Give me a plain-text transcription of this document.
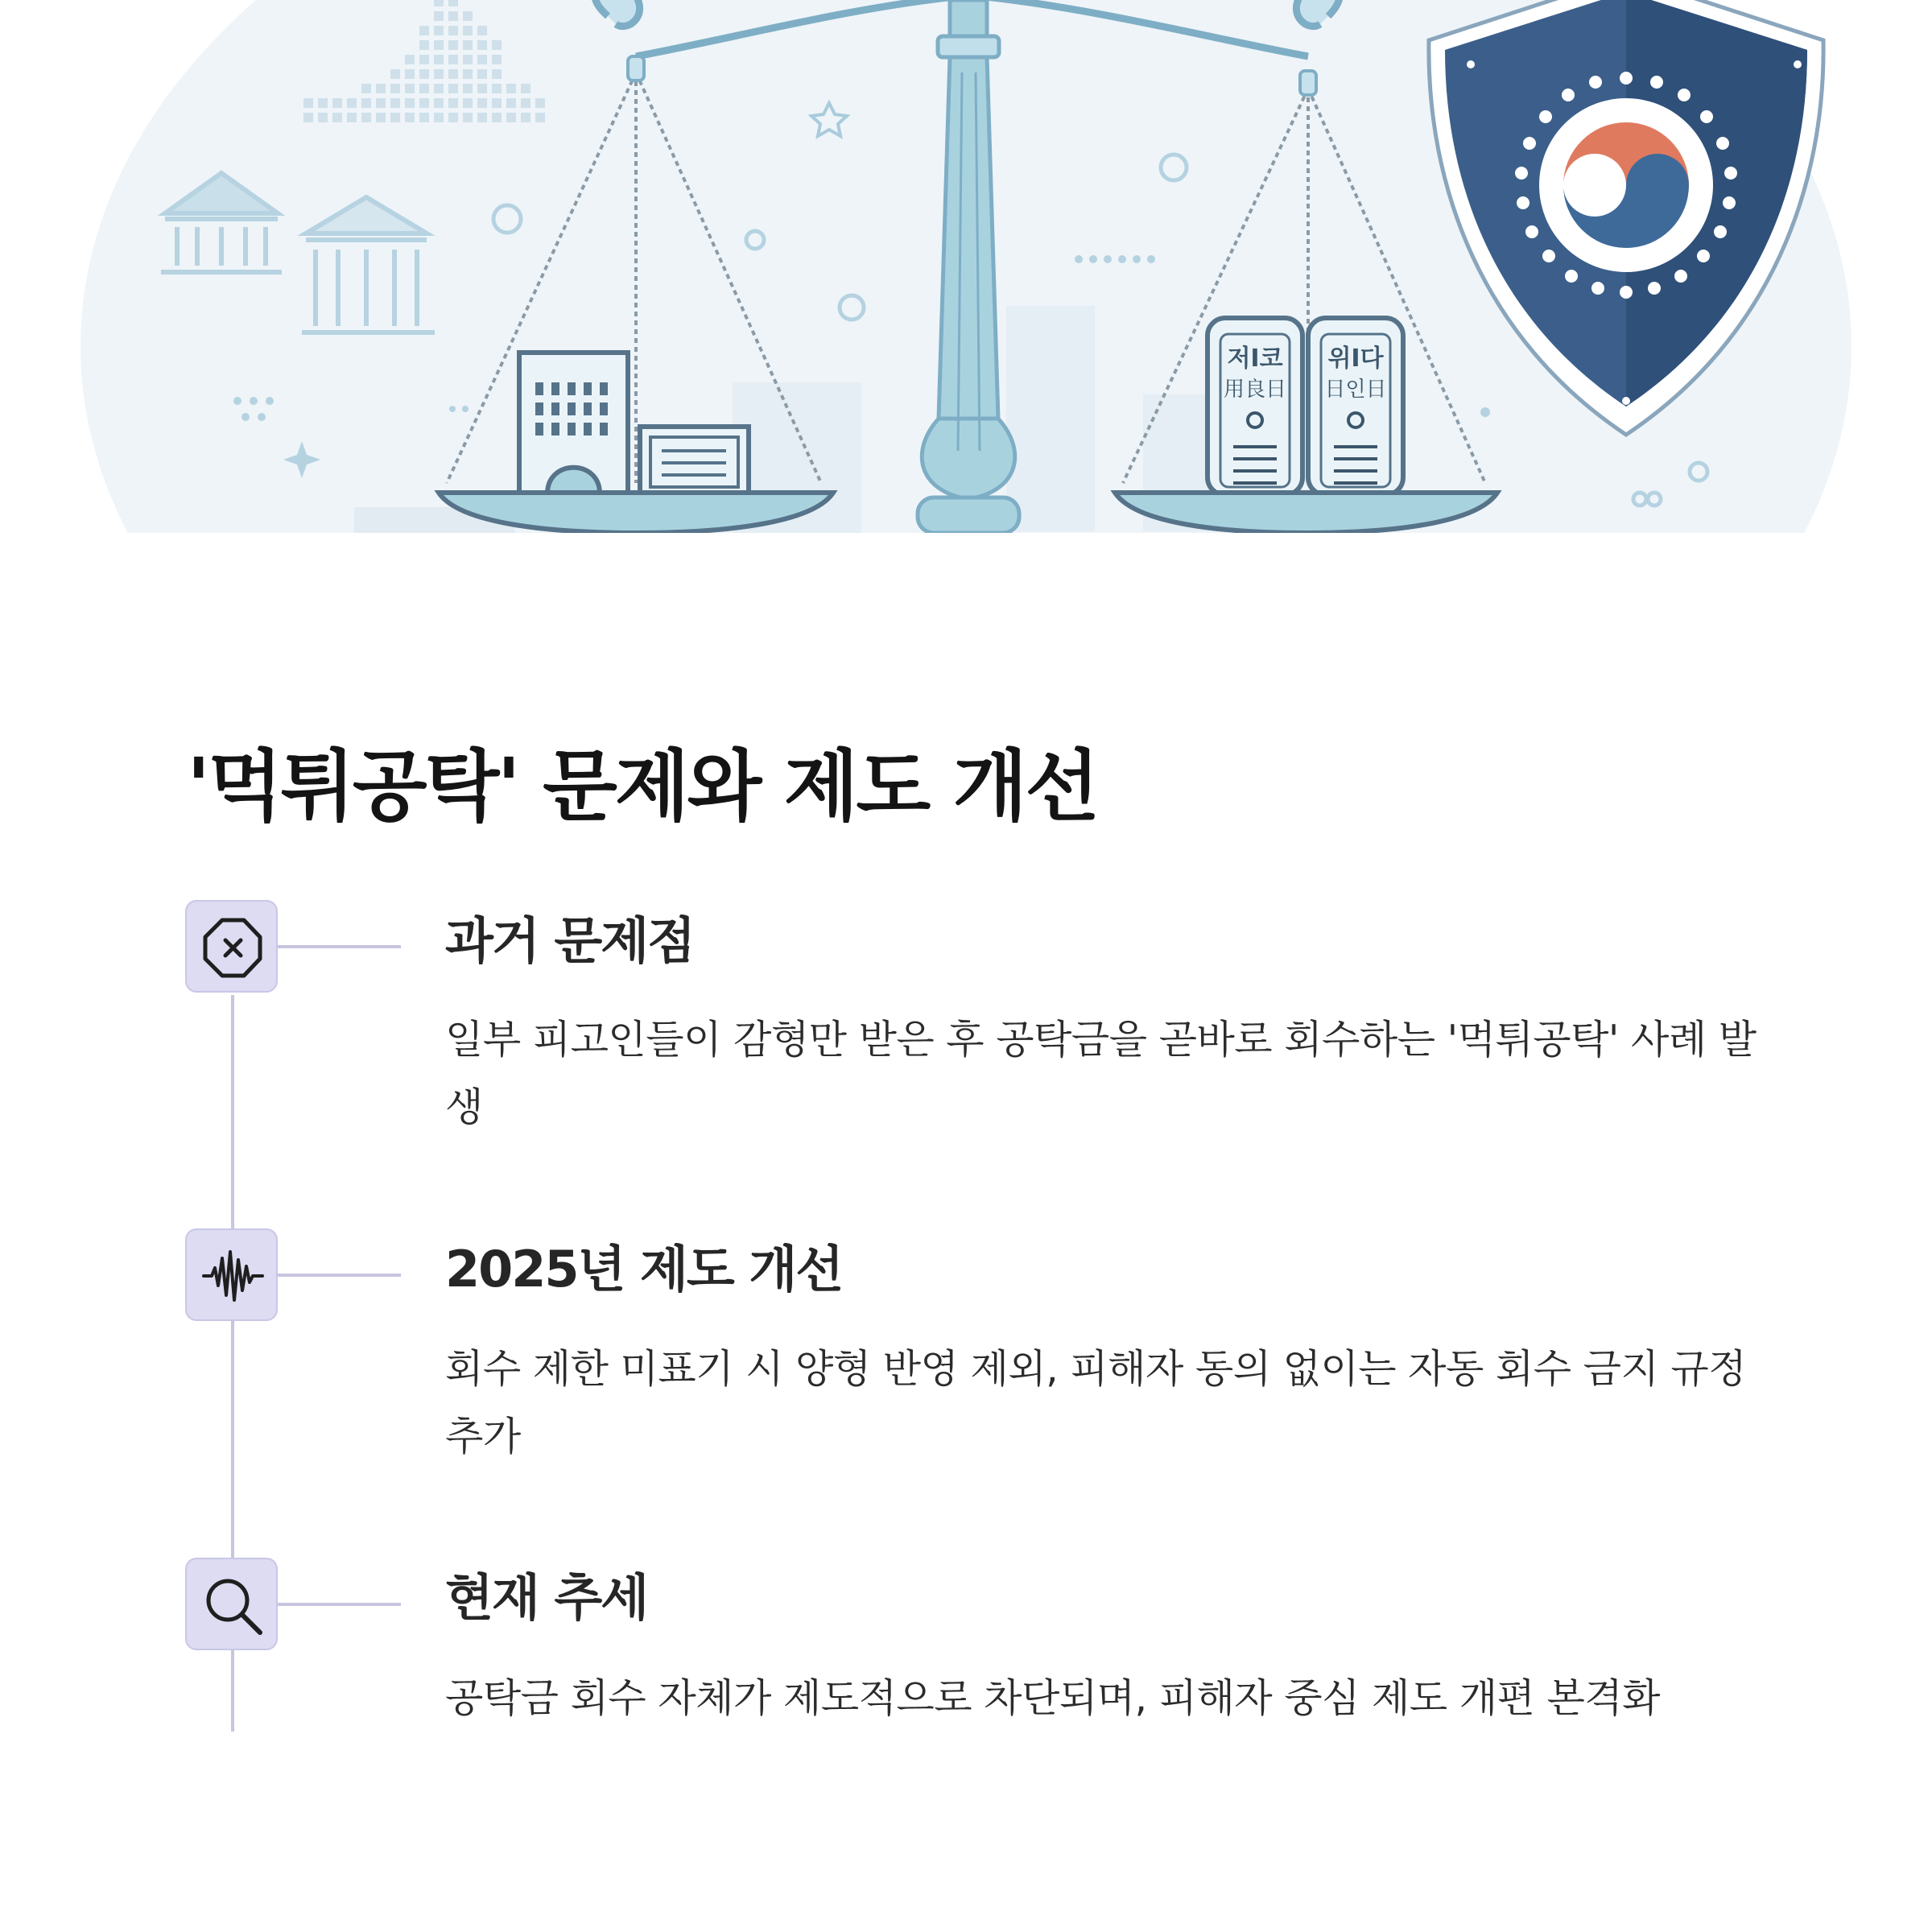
저I코
用良日
위I다
日인日
'먹튀공탁' 문제와 제도 개선
과거 문제점

일부 피고인들이 감형만 받은 후 공탁금을 곧바로 회수하는 '먹튀공탁' 사례 발생

2025년 제도 개선

회수 제한 미표기 시 양형 반영 제외, 피해자 동의 없이는 자동 회수 금지 규정 추가

현재 추세

공탁금 회수 자체가 제도적으로 차단되며, 피해자 중심 제도 개편 본격화
